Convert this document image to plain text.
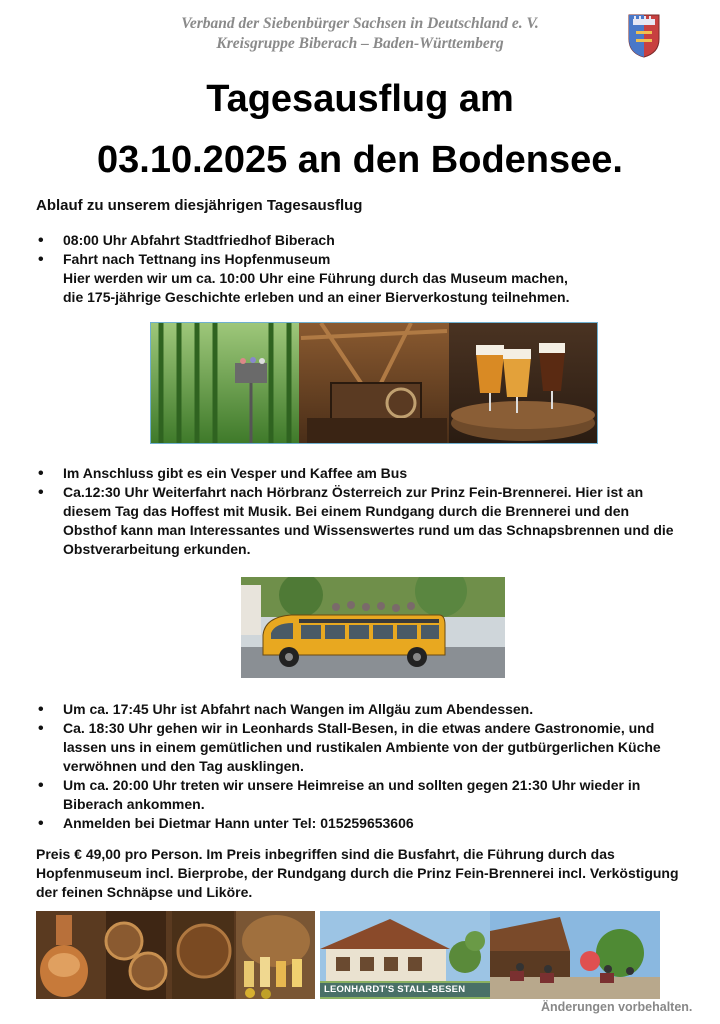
Verband der Siebenbürger Sachsen in Deutschland e. V.
Kreisgruppe Biberach – Baden-Württemberg
Tagesausflug am
03.10.2025 an den Bodensee.
Ablauf zu unserem diesjährigen Tagesausflug
• 08:00 Uhr Abfahrt Stadtfriedhof Biberach
• Fahrt nach Tettnang ins Hopfenmuseum
Hier werden wir um ca. 10:00 Uhr eine Führung durch das Museum machen,
die 175-jährige Geschichte erleben und an einer Bierverkostung teilnehmen.
• Im Anschluss gibt es ein Vesper und Kaffee am Bus
• Ca.12:30 Uhr Weiterfahrt nach Hörbranz Österreich zur Prinz Fein-Brennerei. Hier ist an diesem Tag das Hoffest mit Musik. Bei einem Rundgang durch die Brennerei und den Obsthof kann man Interessantes und Wissenswertes rund um das Schnapsbrennen und die Obstverarbeitung erkunden.
• Um ca. 17:45 Uhr ist Abfahrt nach Wangen im Allgäu zum Abendessen.
• Ca. 18:30 Uhr gehen wir in Leonhards Stall-Besen, in die etwas andere Gastronomie, und lassen uns in einem gemütlichen und rustikalen Ambiente von der gutbürgerlichen Küche verwöhnen und den Tag ausklingen.
• Um ca. 20:00 Uhr treten wir unsere Heimreise an und sollten gegen 21:30 Uhr wieder in Biberach ankommen.
• Anmelden bei Dietmar Hann unter Tel: 015259653606
Preis € 49,00 pro Person. Im Preis inbegriffen sind die Busfahrt, die Führung durch das Hopfenmuseum incl. Bierprobe, der Rundgang durch die Prinz Fein-Brennerei incl. Verköstigung der feinen Schnäpse und Liköre.
LEONHARDT'S STALL-BESEN
Änderungen vorbehalten.
